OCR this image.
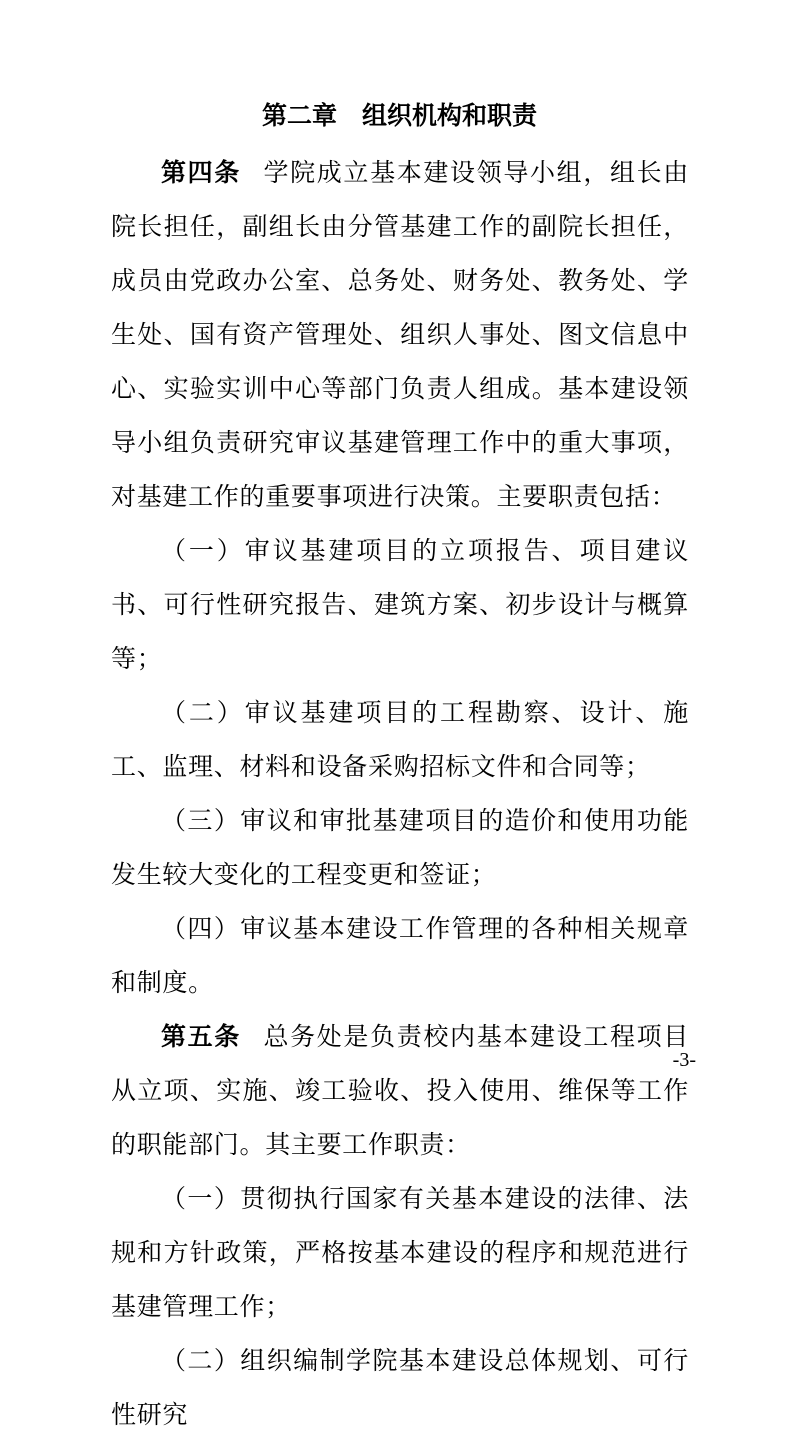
第二章　组织机构和职责

第四条 学院成立基本建设领导小组，组长由院长担任，副组长由分管基建工作的副院长担任，成员由党政办公室、总务处、财务处、教务处、学生处、国有资产管理处、组织人事处、图文信息中心、实验实训中心等部门负责人组成。基本建设领导小组负责研究审议基建管理工作中的重大事项，对基建工作的重要事项进行决策。主要职责包括：

（一）审议基建项目的立项报告、项目建议书、可行性研究报告、建筑方案、初步设计与概算等；

（二）审议基建项目的工程勘察、设计、施工、监理、材料和设备采购招标文件和合同等；

（三）审议和审批基建项目的造价和使用功能发生较大变化的工程变更和签证；

（四）审议基本建设工作管理的各种相关规章和制度。

第五条 总务处是负责校内基本建设工程项目从立项、实施、竣工验收、投入使用、维保等工作的职能部门。其主要工作职责：

（一）贯彻执行国家有关基本建设的法律、法规和方针政策，严格按基本建设的程序和规范进行基建管理工作；

（二）组织编制学院基本建设总体规划、可行性研究

-3-
